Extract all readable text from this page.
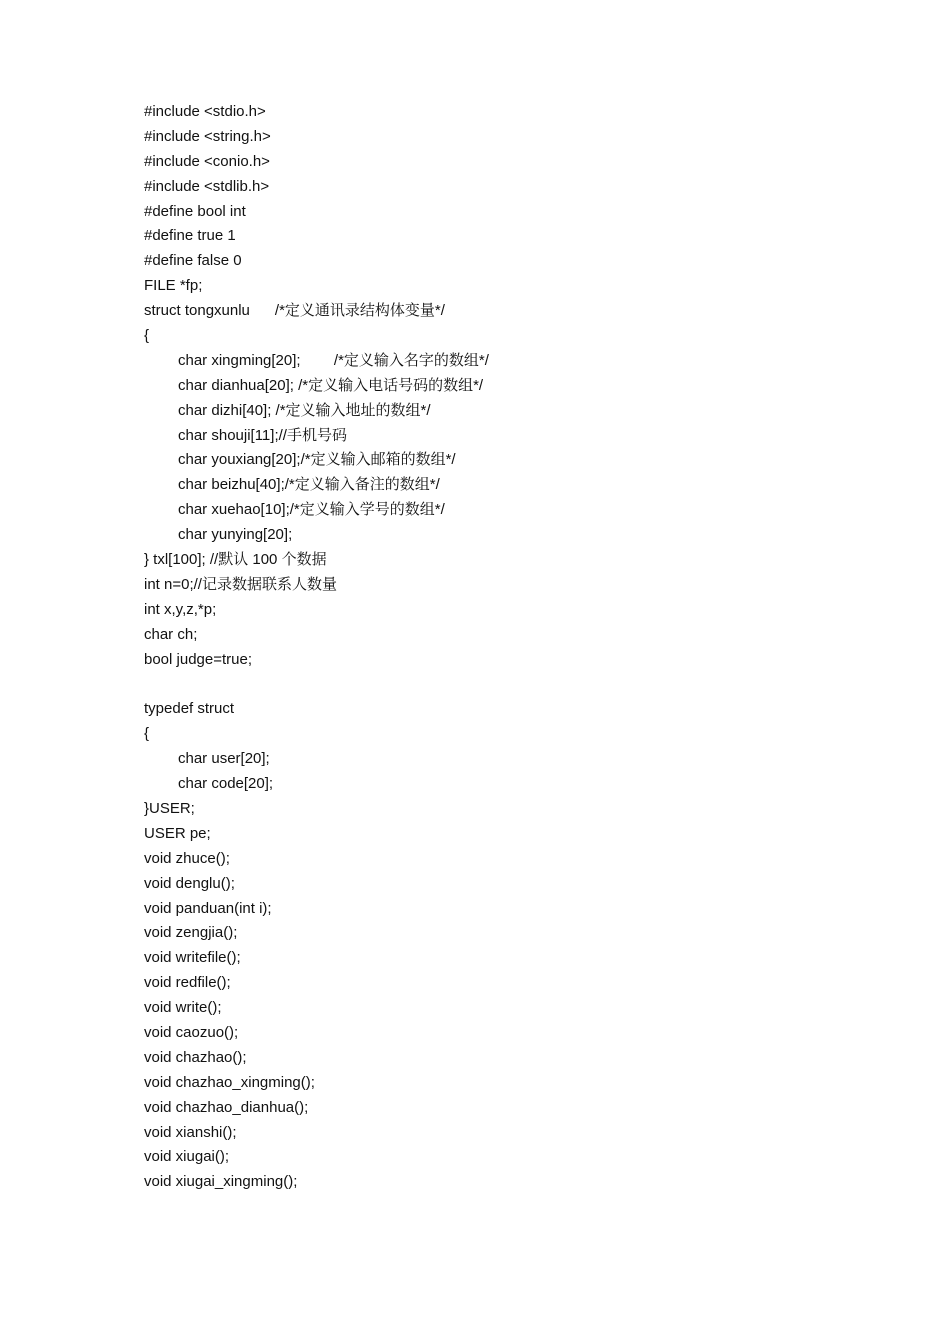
#include <stdio.h>
#include <string.h>
#include <conio.h>
#include <stdlib.h>
#define bool int
#define true 1
#define false 0
FILE *fp;
struct tongxunlu      /*定义通讯录结构体变量*/
{
char xingming[20];        /*定义输入名字的数组*/
char dianhua[20]; /*定义输入电话号码的数组*/
char dizhi[40]; /*定义输入地址的数组*/
char shouji[11];//手机号码
char youxiang[20];/*定义输入邮箱的数组*/
char beizhu[40];/*定义输入备注的数组*/
char xuehao[10];/*定义输入学号的数组*/
char yunying[20];
} txl[100]; //默认 100 个数据
int n=0;//记录数据联系人数量
int x,y,z,*p;
char ch;
bool judge=true;
typedef struct
{
char user[20];
char code[20];
}USER;
USER pe;
void zhuce();
void denglu();
void panduan(int i);
void zengjia();
void writefile();
void redfile();
void write();
void caozuo();
void chazhao();
void chazhao_xingming();
void chazhao_dianhua();
void xianshi();
void xiugai();
void xiugai_xingming();
